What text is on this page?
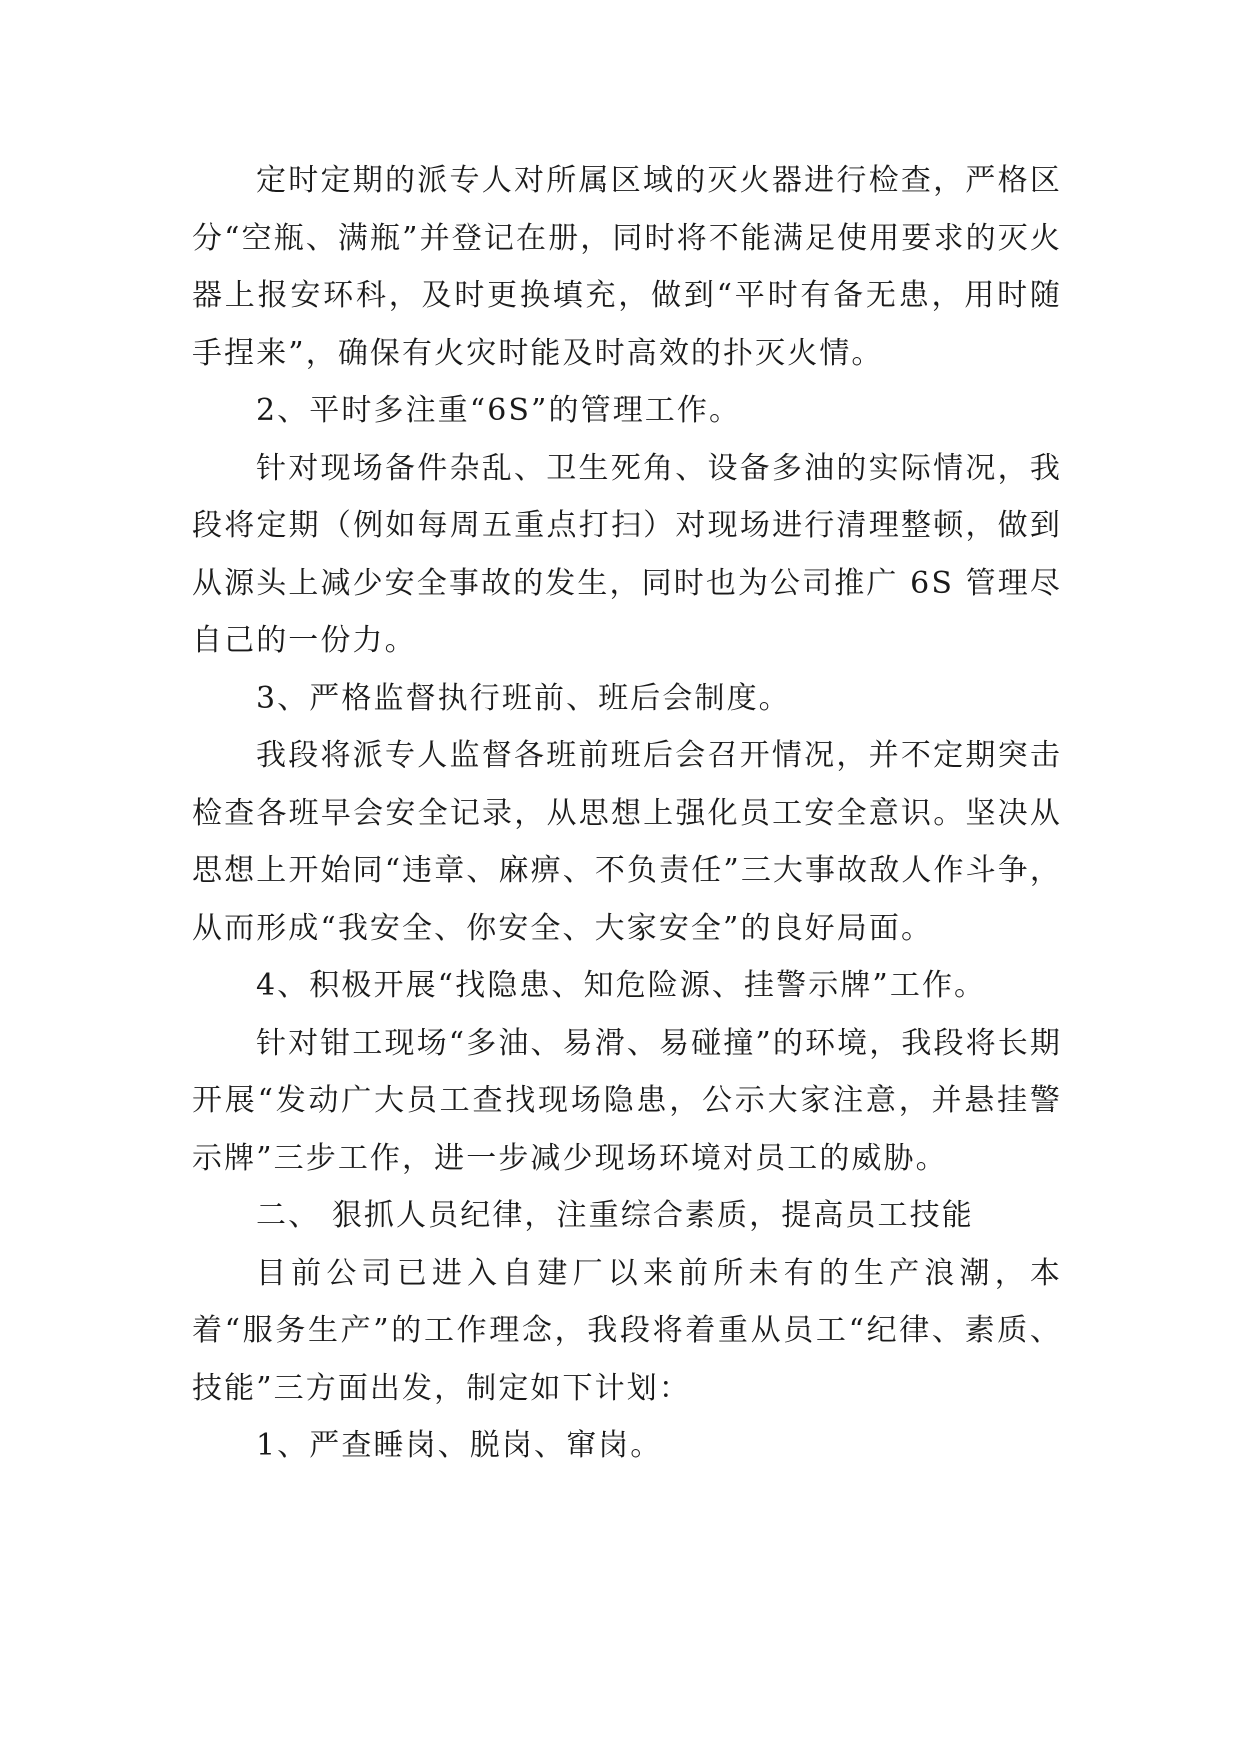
定时定期的派专人对所属区域的灭火器进行检查，严格区分“空瓶、满瓶”并登记在册，同时将不能满足使用要求的灭火器上报安环科，及时更换填充，做到“平时有备无患，用时随手捏来”，确保有火灾时能及时高效的扑灭火情。

2、平时多注重“6S”的管理工作。

针对现场备件杂乱、卫生死角、设备多油的实际情况，我段将定期（例如每周五重点打扫）对现场进行清理整顿，做到从源头上减少安全事故的发生，同时也为公司推广 6S 管理尽自己的一份力。

3、严格监督执行班前、班后会制度。

我段将派专人监督各班前班后会召开情况，并不定期突击检查各班早会安全记录，从思想上强化员工安全意识。坚决从思想上开始同“违章、麻痹、不负责任”三大事故敌人作斗争，从而形成“我安全、你安全、大家安全”的良好局面。

4、积极开展“找隐患、知危险源、挂警示牌”工作。

针对钳工现场“多油、易滑、易碰撞”的环境，我段将长期开展“发动广大员工查找现场隐患，公示大家注意，并悬挂警示牌”三步工作，进一步减少现场环境对员工的威胁。

二、 狠抓人员纪律，注重综合素质，提高员工技能

目前公司已进入自建厂以来前所未有的生产浪潮，本着“服务生产”的工作理念，我段将着重从员工“纪律、素质、技能”三方面出发，制定如下计划：

1、严查睡岗、脱岗、窜岗。
